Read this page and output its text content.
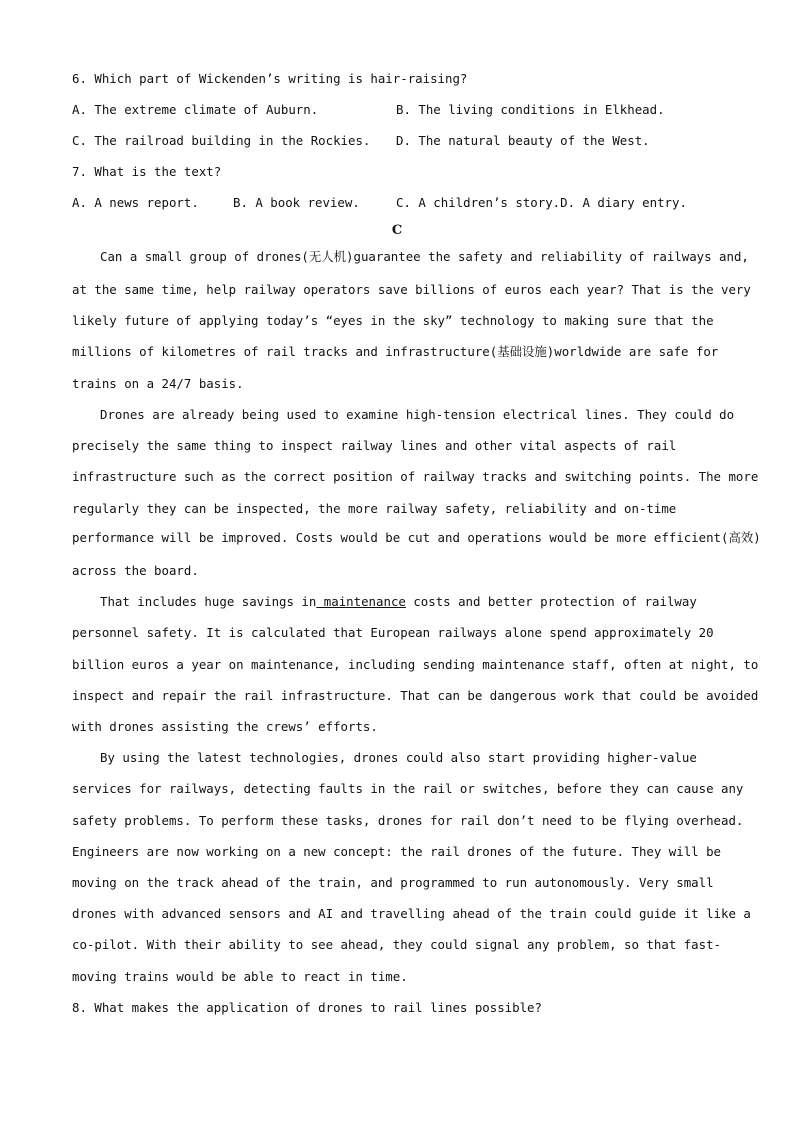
6. Which part of Wickenden’s writing is hair-raising?
A. The extreme climate of Auburn.	B. The living conditions in Elkhead.
C. The railroad building in the Rockies. D. The natural beauty of the West.
7. What is the text?
A. A news report.	B. A book review.	C. A children’s story.D. A diary entry.
C
Can a small group of drones(无人机)guarantee the safety and reliability of railways and,
at the same time, help railway operators save billions of euros each year? That is the very
likely future of applying today’s “eyes in the sky” technology to making sure that the
millions of kilometres of rail tracks and infrastructure(基础设施)worldwide are safe for
trains on a 24/7 basis.
Drones are already being used to examine high-tension electrical lines. They could do
precisely the same thing to inspect railway lines and other vital aspects of rail
infrastructure such as the correct position of railway tracks and switching points. The more
regularly they can be inspected, the more railway safety, reliability and on-time
performance will be improved. Costs would be cut and operations would be more efficient(高效)
across the board.
That includes huge savings in maintenance costs and better protection of railway
personnel safety. It is calculated that European railways alone spend approximately 20
billion euros a year on maintenance, including sending maintenance staff, often at night, to
inspect and repair the rail infrastructure. That can be dangerous work that could be avoided
with drones assisting the crews’ efforts.
By using the latest technologies, drones could also start providing higher-value
services for railways, detecting faults in the rail or switches, before they can cause any
safety problems. To perform these tasks, drones for rail don’t need to be flying overhead.
Engineers are now working on a new concept: the rail drones of the future. They will be
moving on the track ahead of the train, and programmed to run autonomously. Very small
drones with advanced sensors and AI and travelling ahead of the train could guide it like a
co-pilot. With their ability to see ahead, they could signal any problem, so that fast-
moving trains would be able to react in time.
8. What makes the application of drones to rail lines possible?
